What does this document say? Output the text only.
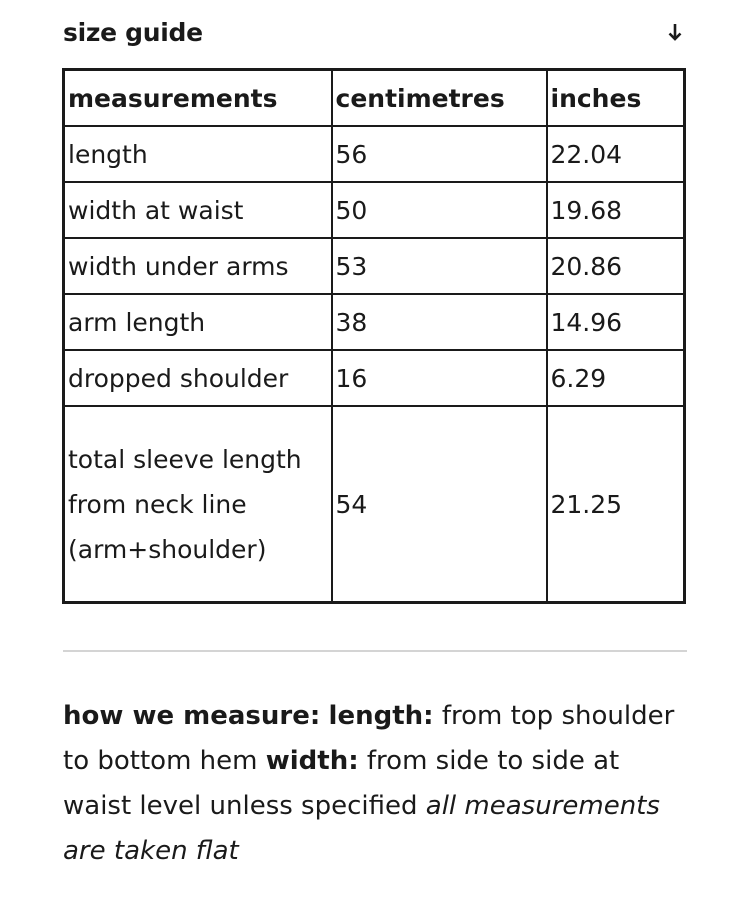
size guide
measurements	centimetres	inches
length	56	22.04
width at waist	50	19.68
width under arms	53	20.86
arm length	38	14.96
dropped shoulder	16	6.29
total sleeve length from neck line (arm+shoulder)	54	21.25
how we measure: length: from top shoulder to bottom hem width: from side to side at waist level unless specified all measurements are taken flat
